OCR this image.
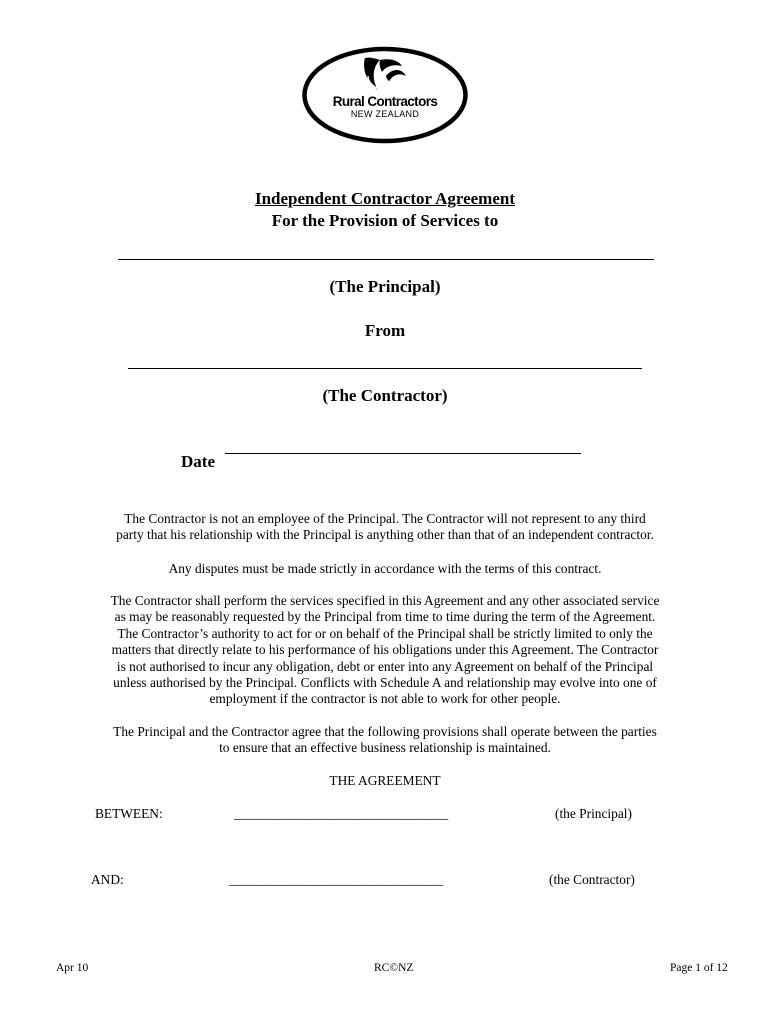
Rural Contractors
NEW ZEALAND
Independent Contractor Agreement
For the Provision of Services to
(The Principal)
From
(The Contractor)
Date
The Contractor is not an employee of the Principal. The Contractor will not represent to any third
party that his relationship with the Principal is anything other than that of an independent contractor.
Any disputes must be made strictly in accordance with the terms of this contract.
The Contractor shall perform the services specified in this Agreement and any other associated service
as may be reasonably requested by the Principal from time to time during the term of the Agreement.
The Contractor’s authority to act for or on behalf of the Principal shall be strictly limited to only the
matters that directly relate to his performance of his obligations under this Agreement. The Contractor
is not authorised to incur any obligation, debt or enter into any Agreement on behalf of the Principal
unless authorised by the Principal. Conflicts with Schedule A and relationship may evolve into one of
employment if the contractor is not able to work for other people.
The Principal and the Contractor agree that the following provisions shall operate between the parties
to ensure that an effective business relationship is maintained.
THE AGREEMENT
BETWEEN:	________________________________	(the Principal)
AND:	________________________________	(the Contractor)
Apr 10	RC©NZ	Page 1 of 12
